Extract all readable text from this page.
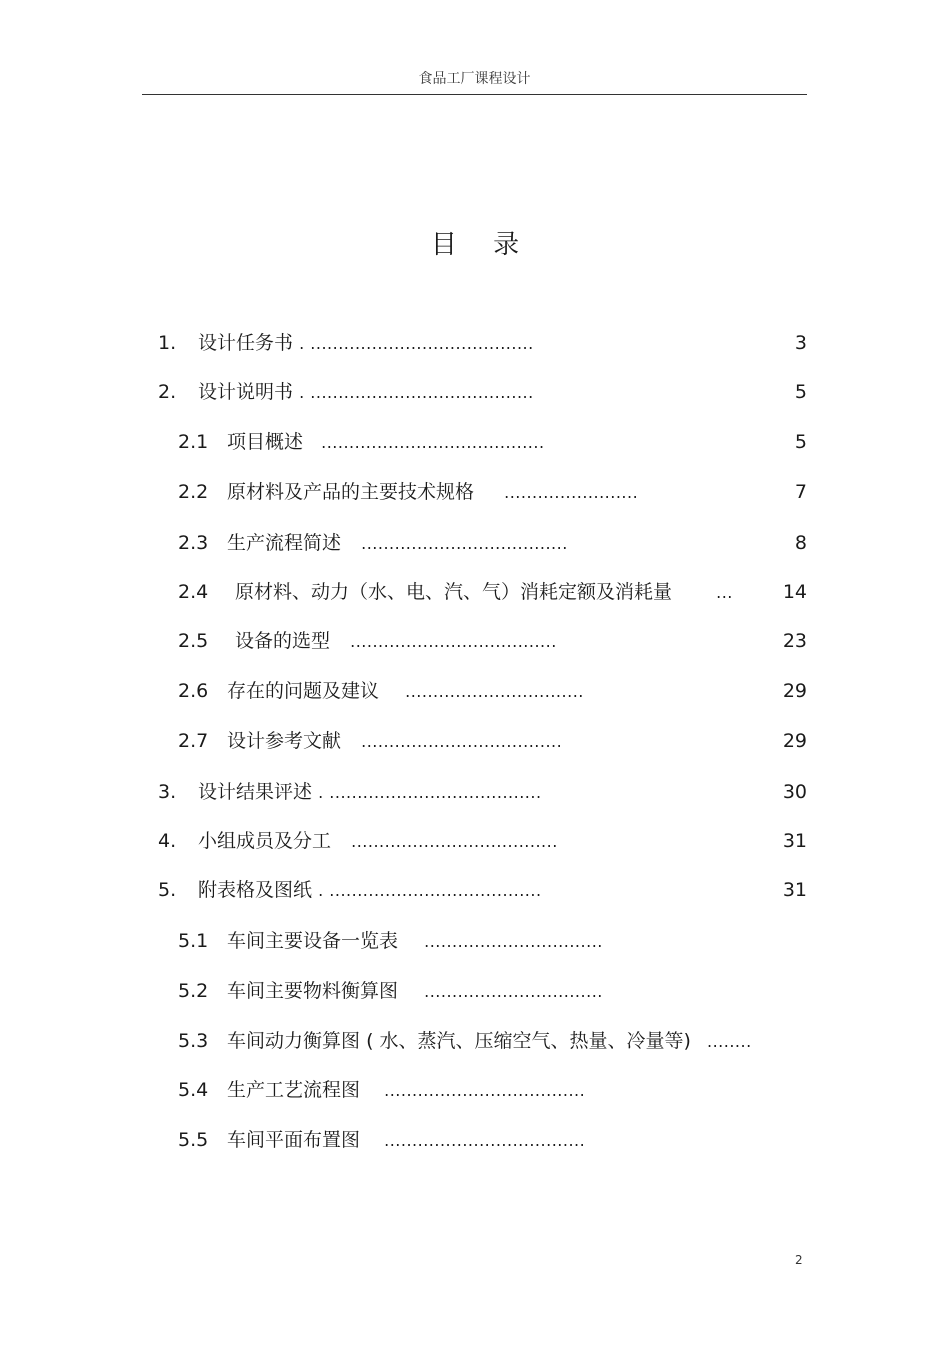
食品工厂课程设计
目 录
1. 设计任务书 . ........................................	3
2. 设计说明书 . ........................................	5
2.1 项目概述 ........................................	5
2.2 原材料及产品的主要技术规格 ........................	7
2.3 生产流程简述 .....................................	8
2.4 原材料、动力（水、电、汽、气）消耗定额及消耗量	...	14
2.5 设备的选型 .....................................	23
2.6 存在的问题及建议 ................................	29
2.7 设计参考文献 ....................................	29
3. 设计结果评述 . ......................................	30
4. 小组成员及分工 .....................................	31
5. 附表格及图纸 . ......................................	31
5.1 车间主要设备一览表 ................................
5.2 车间主要物料衡算图 ................................
5.3 车间动力衡算图 ( 水、蒸汽、压缩空气、热量、冷量等) ........
5.4 生产工艺流程图 ....................................
5.5 车间平面布置图 ....................................
2
